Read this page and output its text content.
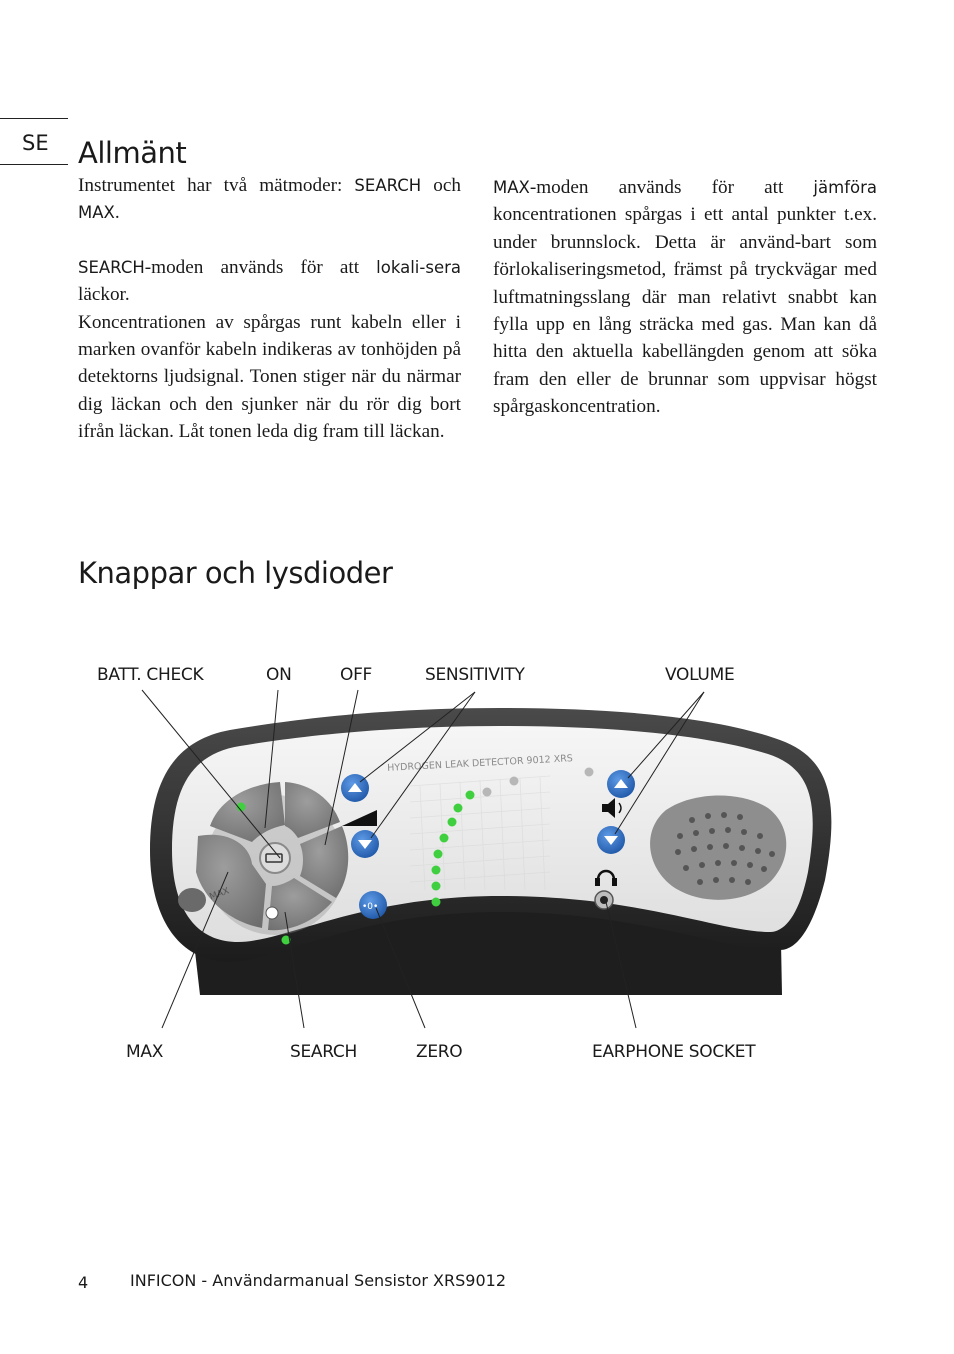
SE Allmänt

Instrumentet har två mätmoder: SEARCH och MAX.

SEARCH-moden används för att lokali-sera läckor.

Koncentrationen av spårgas runt kabeln eller i marken ovanför kabeln indikeras av tonhöjden på detektorns ljudsignal. Tonen stiger när du närmar dig läckan och den sjunker när du rör dig bort ifrån läckan. Låt tonen leda dig fram till läckan.

MAX-moden används för att jämföra koncentrationen spårgas i ett antal punkter t.ex. under brunnslock. Detta är använd-bart som förlokaliseringsmetod, främst på tryckvägar med luftmatningsslang där man relativt snabbt kan fylla upp en lång sträcka med gas. Man kan då hitta den aktuella kabellängden genom att söka fram den eller de brunnar som uppvisar högst spårgaskoncentration.

Knappar och lysdioder
HYDROGEN LEAK DETECTOR 9012 XRS
MAX
•0•
BATT. CHECK	ON	OFF	SENSITIVITY	VOLUME
MAX	SEARCH	ZERO	EARPHONE SOCKET
4	INFICON - Användarmanual Sensistor XRS9012
